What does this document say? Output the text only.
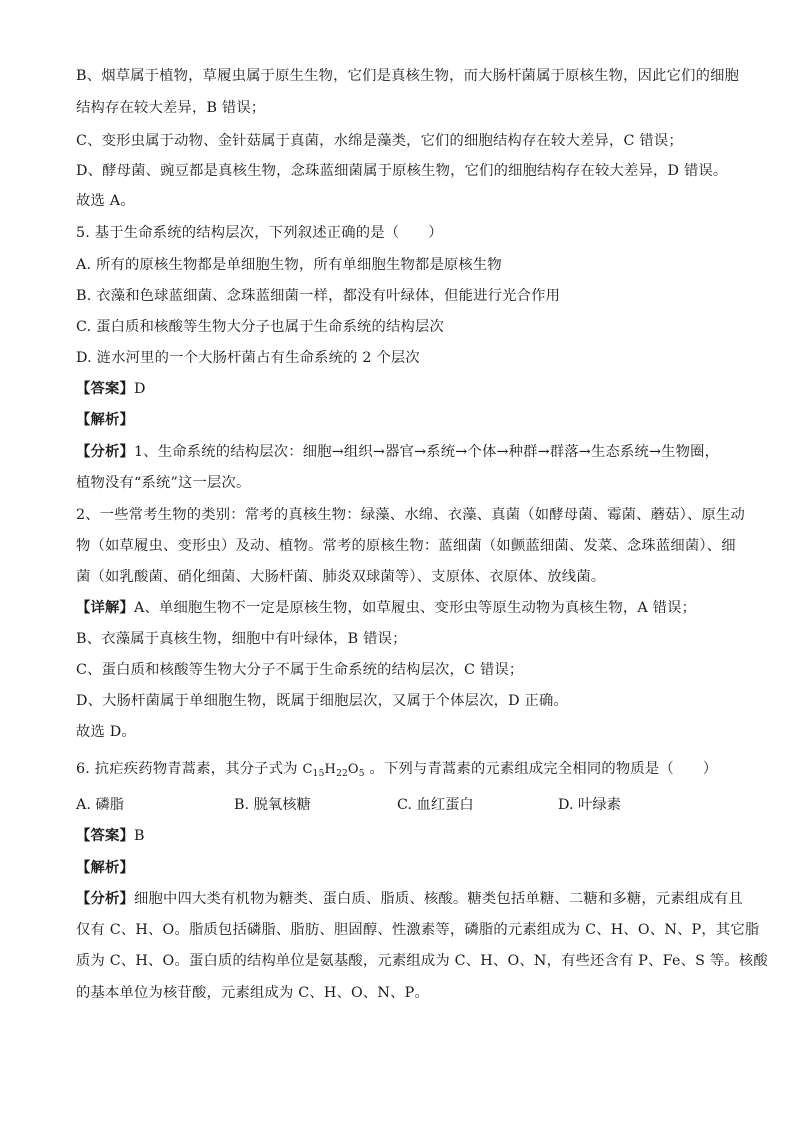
B、烟草属于植物，草履虫属于原生生物，它们是真核生物，而大肠杆菌属于原核生物，因此它们的细胞
结构存在较大差异，B 错误；
C、变形虫属于动物、金针菇属于真菌，水绵是藻类，它们的细胞结构存在较大差异，C 错误；
D、酵母菌、豌豆都是真核生物，念珠蓝细菌属于原核生物，它们的细胞结构存在较大差异，D 错误。
故选 A。
5. 基于生命系统的结构层次，下列叙述正确的是（　　）
A. 所有的原核生物都是单细胞生物，所有单细胞生物都是原核生物
B. 衣藻和色球蓝细菌、念珠蓝细菌一样，都没有叶绿体，但能进行光合作用
C. 蛋白质和核酸等生物大分子也属于生命系统的结构层次
D. 涟水河里的一个大肠杆菌占有生命系统的 2 个层次
【答案】D
【解析】
【分析】1、生命系统的结构层次：细胞→组织→器官→系统→个体→种群→群落→生态系统→生物圈，
植物没有“系统”这一层次。
2、一些常考生物的类别：常考的真核生物：绿藻、水绵、衣藻、真菌（如酵母菌、霉菌、蘑菇）、原生动
物（如草履虫、变形虫）及动、植物。常考的原核生物：蓝细菌（如颤蓝细菌、发菜、念珠蓝细菌）、细
菌（如乳酸菌、硝化细菌、大肠杆菌、肺炎双球菌等）、支原体、衣原体、放线菌。
【详解】A、单细胞生物不一定是原核生物，如草履虫、变形虫等原生动物为真核生物，A 错误；
B、衣藻属于真核生物，细胞中有叶绿体，B 错误；
C、蛋白质和核酸等生物大分子不属于生命系统的结构层次，C 错误；
D、大肠杆菌属于单细胞生物，既属于细胞层次，又属于个体层次，D 正确。
故选 D。
6. 抗疟疾药物青蒿素，其分子式为 $C_{15}H_{22}O_5$ 。下列与青蒿素的元素组成完全相同的物质是（　　）
A. 磷脂	B. 脱氧核糖	C. 血红蛋白	D. 叶绿素
【答案】B
【解析】
【分析】细胞中四大类有机物为糖类、蛋白质、脂质、核酸。糖类包括单糖、二糖和多糖，元素组成有且
仅有 C、H、O。脂质包括磷脂、脂肪、胆固醇、性激素等，磷脂的元素组成为 C、H、O、N、P，其它脂
质为 C、H、O。蛋白质的结构单位是氨基酸，元素组成为 C、H、O、N，有些还含有 P、Fe、S 等。核酸
的基本单位为核苷酸，元素组成为 C、H、O、N、P。
